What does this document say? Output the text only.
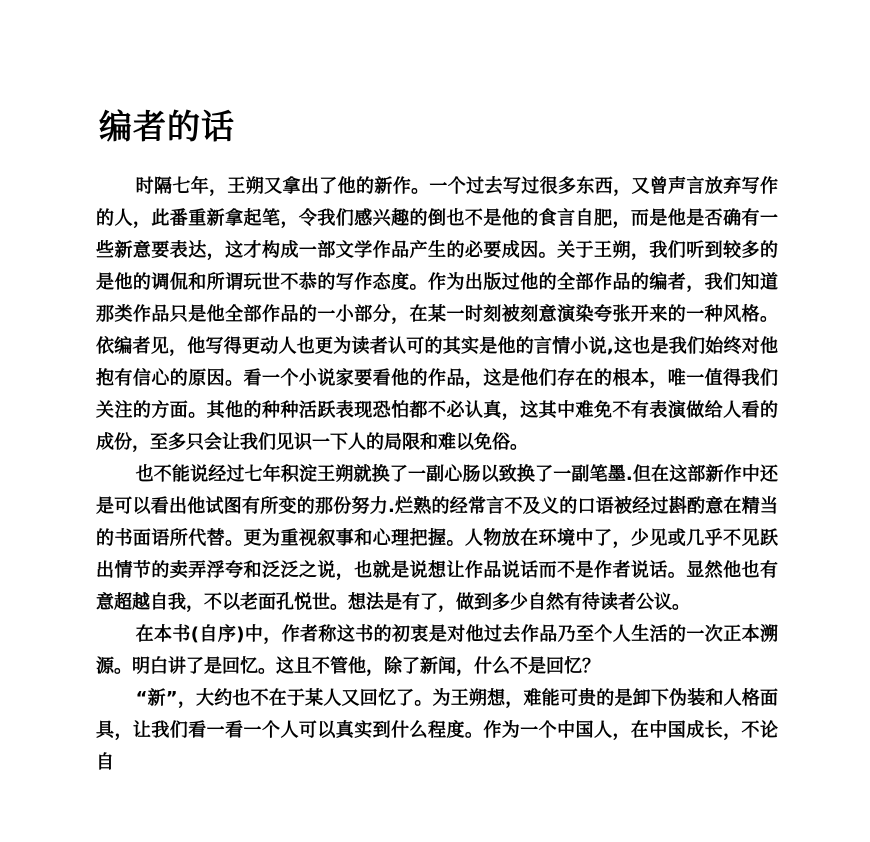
编者的话

时隔七年，王朔又拿出了他的新作。一个过去写过很多东西，又曾声言放弃写作的人，此番重新拿起笔，令我们感兴趣的倒也不是他的食言自肥，而是他是否确有一些新意要表达，这才构成一部文学作品产生的必要成因。关于王朔，我们听到较多的是他的调侃和所谓玩世不恭的写作态度。作为出版过他的全部作品的编者，我们知道那类作品只是他全部作品的一小部分，在某一时刻被刻意演染夸张开来的一种风格。依编者见，他写得更动人也更为读者认可的其实是他的言情小说,这也是我们始终对他抱有信心的原因。看一个小说家要看他的作品，这是他们存在的根本，唯一值得我们关注的方面。其他的种种活跃表现恐怕都不必认真，这其中难免不有表演做给人看的成份，至多只会让我们见识一下人的局限和难以免俗。

也不能说经过七年积淀王朔就换了一副心肠以致换了一副笔墨.但在这部新作中还是可以看出他试图有所变的那份努力.烂熟的经常言不及义的口语被经过斟酌意在精当的书面语所代替。更为重视叙事和心理把握。人物放在环境中了，少见或几乎不见跃出情节的卖弄浮夸和泛泛之说，也就是说想让作品说话而不是作者说话。显然他也有意超越自我，不以老面孔悦世。想法是有了，做到多少自然有待读者公议。

在本书(自序)中，作者称这书的初衷是对他过去作品乃至个人生活的一次正本溯源。明白讲了是回忆。这且不管他，除了新闻，什么不是回忆？

“新”，大约也不在于某人又回忆了。为王朔想，难能可贵的是卸下伪装和人格面具，让我们看一看一个人可以真实到什么程度。作为一个中国人，在中国成长，不论自
